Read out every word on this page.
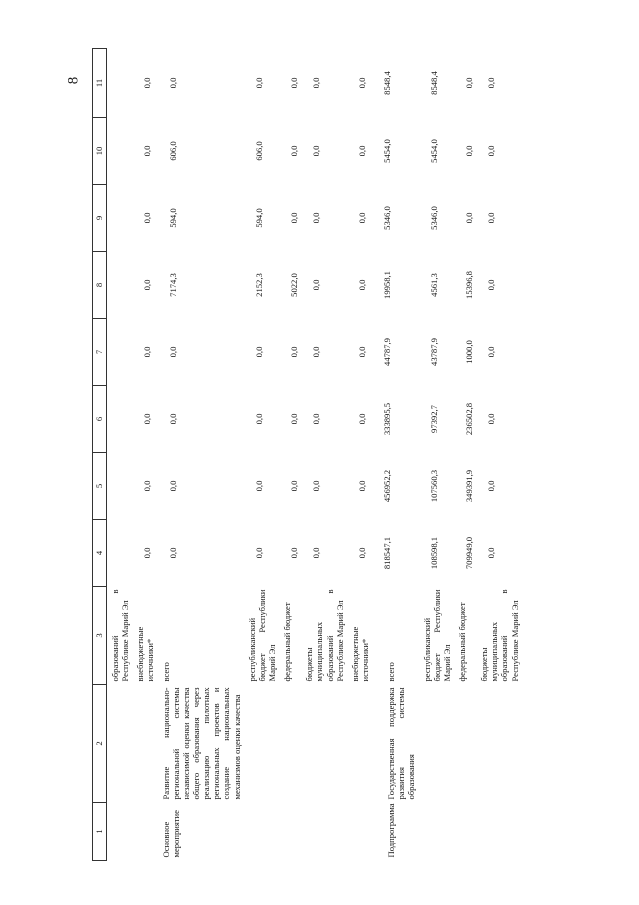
8
1	2	3	4	5	6	7	8	9	10	11
		образований в Республике Марий Эл								
		внебюджетные источники*	0,0	0,0	0,0	0,0	0,0	0,0	0,0	0,0
Основное мероприятие	Развитие национально-региональной системы независимой оценки качества общего образования через реализацию пилотных региональных проектов и создание национальных механизмов оценки качества	всего	0,0	0,0	0,0	0,0	7174,3	594,0	606,0	0,0
		республиканский бюджет Республики Марий Эл	0,0	0,0	0,0	0,0	2152,3	594,0	606,0	0,0
		федеральный бюджет	0,0	0,0	0,0	0,0	5022,0	0,0	0,0	0,0
		бюджеты муниципальных образований в Республике Марий Эл	0,0	0,0	0,0	0,0	0,0	0,0	0,0	0,0
		внебюджетные источники*	0,0	0,0	0,0	0,0	0,0	0,0	0,0	0,0
Подпрограмма	Государственная поддержка развития системы образования	всего	818547,1	456952,2	333895,5	44787,9	19958,1	5346,0	5454,0	8548,4
		республиканский бюджет Республики Марий Эл	108598,1	107560,3	97392,7	43787,9	4561,3	5346,0	5454,0	8548,4
		федеральный бюджет	709949,0	349391,9	236502,8	1000,0	15396,8	0,0	0,0	0,0
		бюджеты муниципальных образований в Республике Марий Эл	0,0	0,0	0,0	0,0	0,0	0,0	0,0	0,0
